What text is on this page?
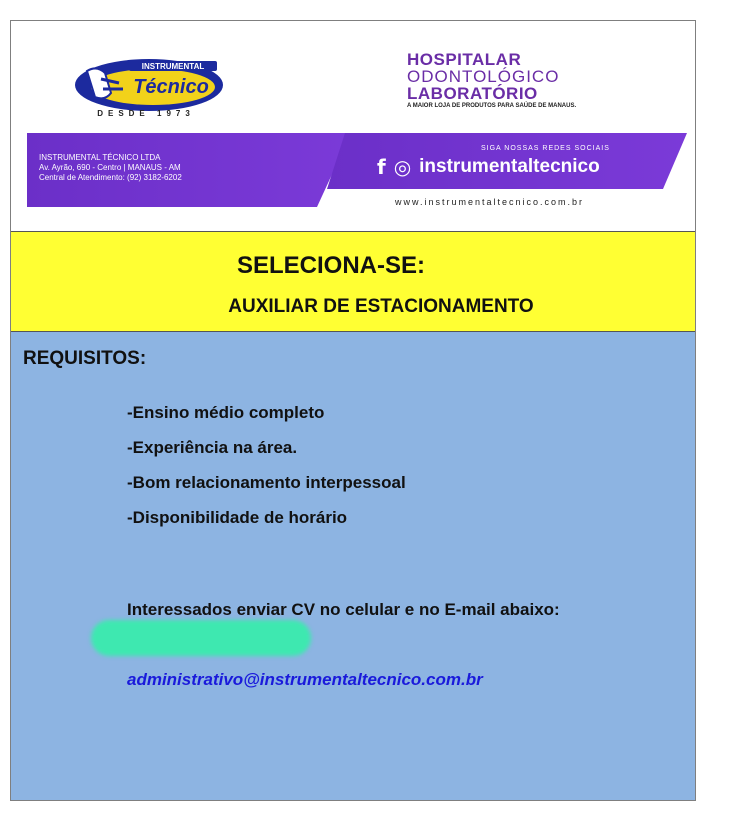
INSTRUMENTAL
Técnico
DESDE 1973
HOSPITALAR
ODONTOLÓGICO
LABORATÓRIO
A MAIOR LOJA DE PRODUTOS PARA SAÚDE DE MANAUS.
INSTRUMENTAL TÉCNICO LTDA
Av. Ayrão, 690 - Centro | MANAUS - AM
Central de Atendimento: (92) 3182-6202
SIGA NOSSAS REDES SOCIAIS
f ◎ instrumentaltecnico
www.instrumentaltecnico.com.br
SELECIONA-SE:
AUXILIAR DE ESTACIONAMENTO
REQUISITOS:
-Ensino médio completo
-Experiência na área.
-Bom relacionamento interpessoal
-Disponibilidade de horário
Interessados enviar CV no celular e no E-mail abaixo:
administrativo@instrumentaltecnico.com.br
